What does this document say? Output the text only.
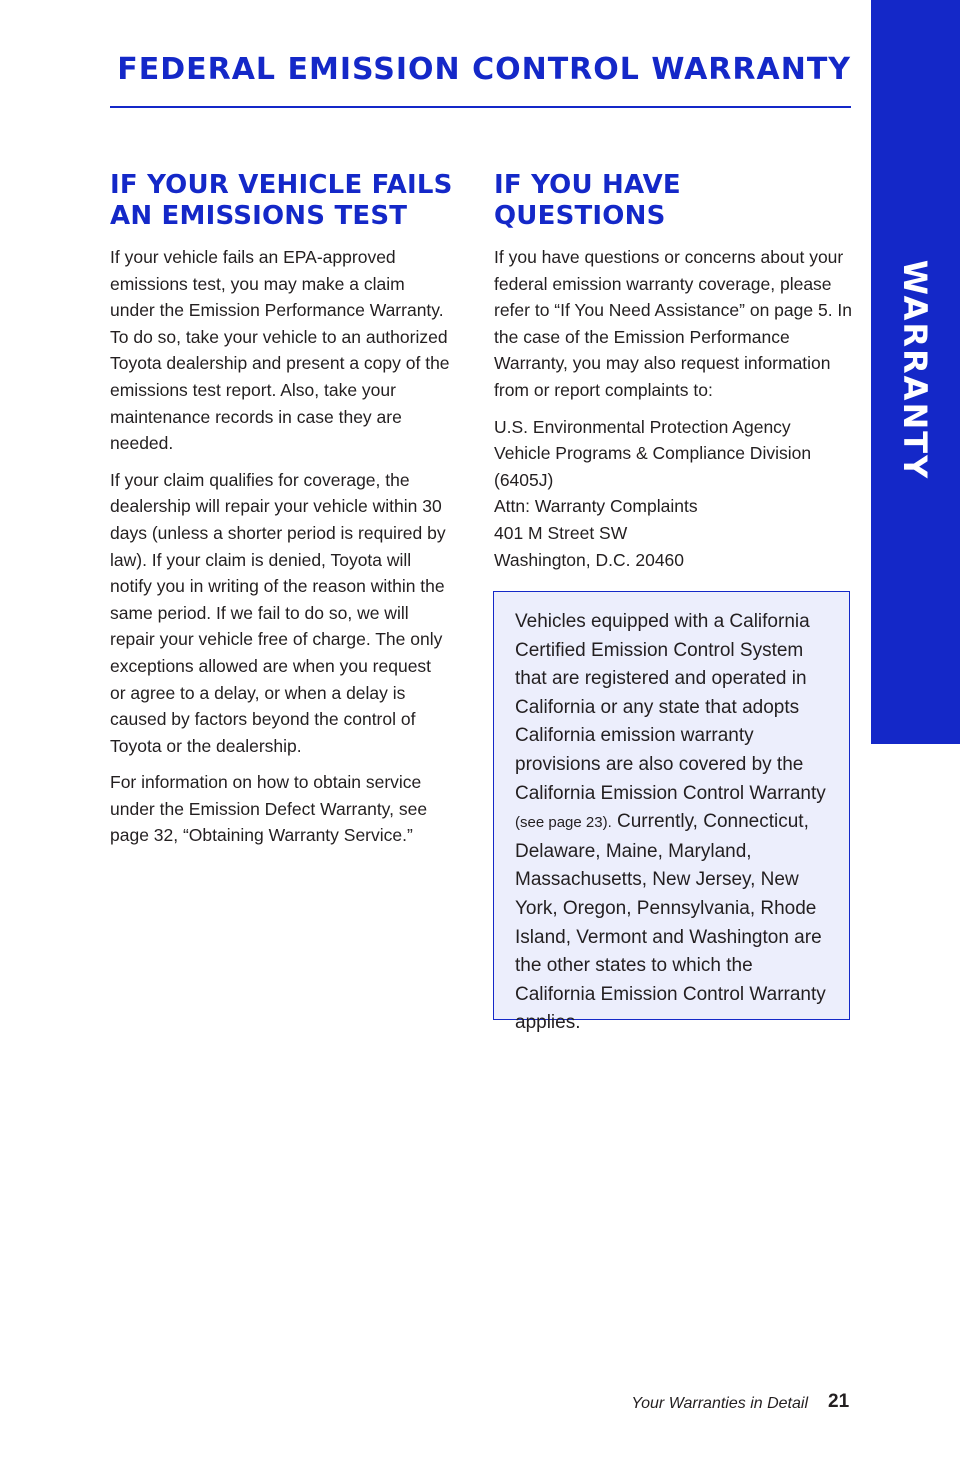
FEDERAL EMISSION CONTROL WARRANTY
WARRANTY
IF YOUR VEHICLE FAILS
AN EMISSIONS TEST

If your vehicle fails an EPA-approved emissions test, you may make a claim under the Emission Performance Warranty. To do so, take your vehicle to an authorized Toyota dealership and present a copy of the emissions test report. Also, take your maintenance records in case they are needed.

If your claim qualifies for coverage, the dealership will repair your vehicle within 30 days (unless a shorter period is required by law). If your claim is denied, Toyota will notify you in writing of the reason within the same period. If we fail to do so, we will repair your vehicle free of charge. The only exceptions allowed are when you request or agree to a delay, or when a delay is caused by factors beyond the control of Toyota or the dealership.

For information on how to obtain service under the Emission Defect Warranty, see page 32, “Obtaining Warranty Service.”

IF YOU HAVE QUESTIONS

If you have questions or concerns about your federal emission warranty coverage, please refer to “If You Need Assistance” on page 5. In the case of the Emission Performance Warranty, you may also request information from or report complaints to:

U.S. Environmental Protection Agency
Vehicle Programs & Compliance Division
(6405J)
Attn: Warranty Complaints
401 M Street SW
Washington, D.C. 20460

Vehicles equipped with a California Certified Emission Control System that are registered and operated in California or any state that adopts California emission warranty provisions are also covered by the California Emission Control Warranty (see page 23). Currently, Connecticut, Delaware, Maine, Maryland, Massachusetts, New Jersey, New York, Oregon, Pennsylvania, Rhode Island, Vermont and Washington are the other states to which the California Emission Control Warranty applies.

Your Warranties in Detail 21
